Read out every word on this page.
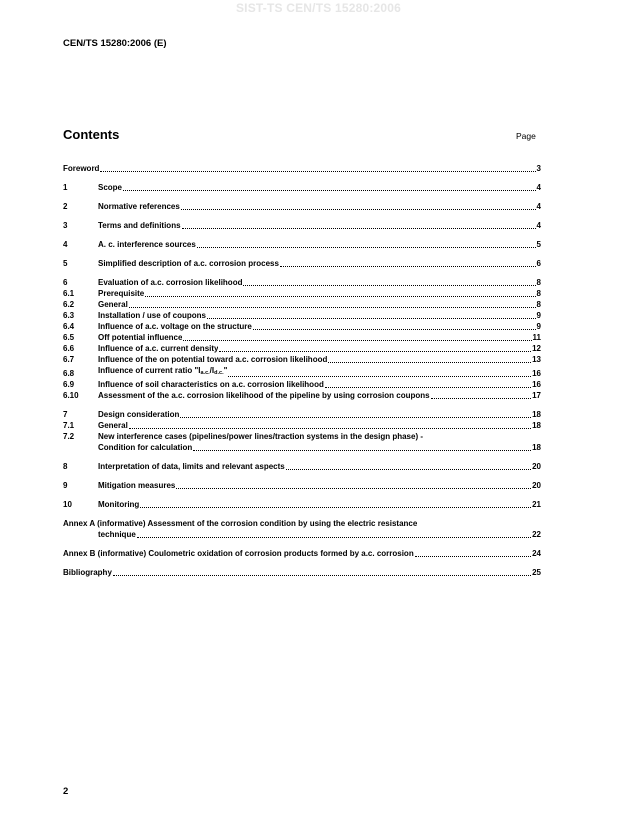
SIST-TS CEN/TS 15280:2006
CEN/TS 15280:2006 (E)
Contents	Page
Foreword	3
1	Scope	4
2	Normative references	4
3	Terms and definitions	4
4	A. c. interference sources	5
5	Simplified description of a.c. corrosion process	6
6	Evaluation of a.c. corrosion likelihood	8
6.1	Prerequisite	8
6.2	General	8
6.3	Installation / use of coupons	9
6.4	Influence of a.c. voltage on the structure	9
6.5	Off potential influence	11
6.6	Influence of a.c. current density	12
6.7	Influence of the on potential toward a.c. corrosion likelihood	13
6.8	Influence of current ratio "$I_{a.c.}/I_{d.c.}$"	16
6.9	Influence of soil characteristics on a.c. corrosion likelihood	16
6.10	Assessment of the a.c. corrosion likelihood of the pipeline by using corrosion coupons	17
7	Design consideration	18
7.1	General	18
7.2	New interference cases (pipelines/power lines/traction systems in the design phase) -
Condition for calculation	18
8	Interpretation of data, limits and relevant aspects	20
9	Mitigation measures	20
10	Monitoring	21
Annex A (informative) Assessment of the corrosion condition by using the electric resistance
technique	22
Annex B (informative) Coulometric oxidation of corrosion products formed by a.c. corrosion	24
Bibliography	25
2
